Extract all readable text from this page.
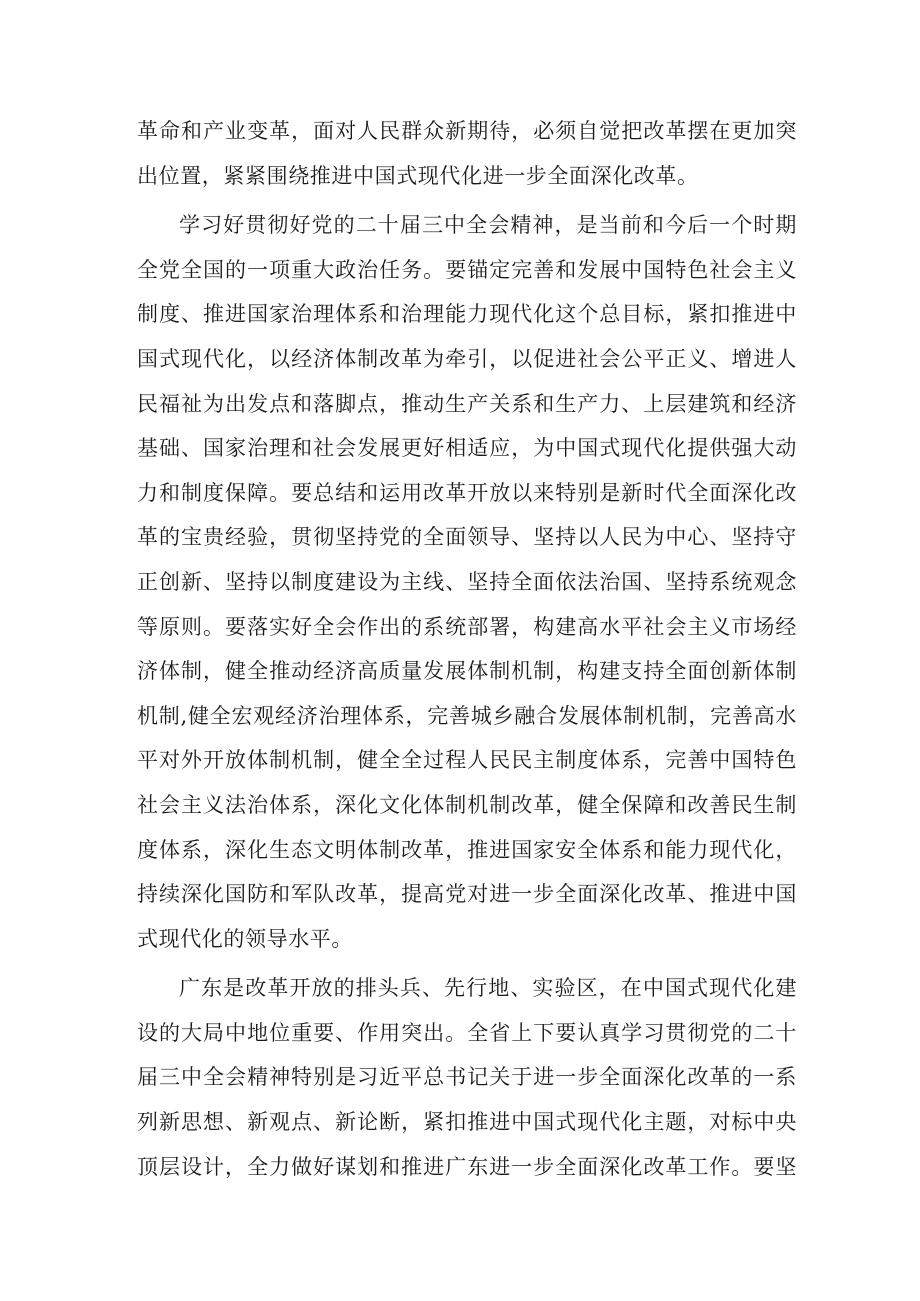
革命和产业变革，面对人民群众新期待，必须自觉把改革摆在更加突
出位置，紧紧围绕推进中国式现代化进一步全面深化改革。
学习好贯彻好党的二十届三中全会精神，是当前和今后一个时期
全党全国的一项重大政治任务。要锚定完善和发展中国特色社会主义
制度、推进国家治理体系和治理能力现代化这个总目标，紧扣推进中
国式现代化，以经济体制改革为牵引，以促进社会公平正义、增进人
民福祉为出发点和落脚点，推动生产关系和生产力、上层建筑和经济
基础、国家治理和社会发展更好相适应，为中国式现代化提供强大动
力和制度保障。要总结和运用改革开放以来特别是新时代全面深化改
革的宝贵经验，贯彻坚持党的全面领导、坚持以人民为中心、坚持守
正创新、坚持以制度建设为主线、坚持全面依法治国、坚持系统观念
等原则。要落实好全会作出的系统部署，构建高水平社会主义市场经
济体制，健全推动经济高质量发展体制机制，构建支持全面创新体制
机制,健全宏观经济治理体系，完善城乡融合发展体制机制，完善高水
平对外开放体制机制，健全全过程人民民主制度体系，完善中国特色
社会主义法治体系，深化文化体制机制改革，健全保障和改善民生制
度体系，深化生态文明体制改革，推进国家安全体系和能力现代化，
持续深化国防和军队改革，提高党对进一步全面深化改革、推进中国
式现代化的领导水平。
广东是改革开放的排头兵、先行地、实验区，在中国式现代化建
设的大局中地位重要、作用突出。全省上下要认真学习贯彻党的二十
届三中全会精神特别是习近平总书记关于进一步全面深化改革的一系
列新思想、新观点、新论断，紧扣推进中国式现代化主题，对标中央
顶层设计，全力做好谋划和推进广东进一步全面深化改革工作。要坚
